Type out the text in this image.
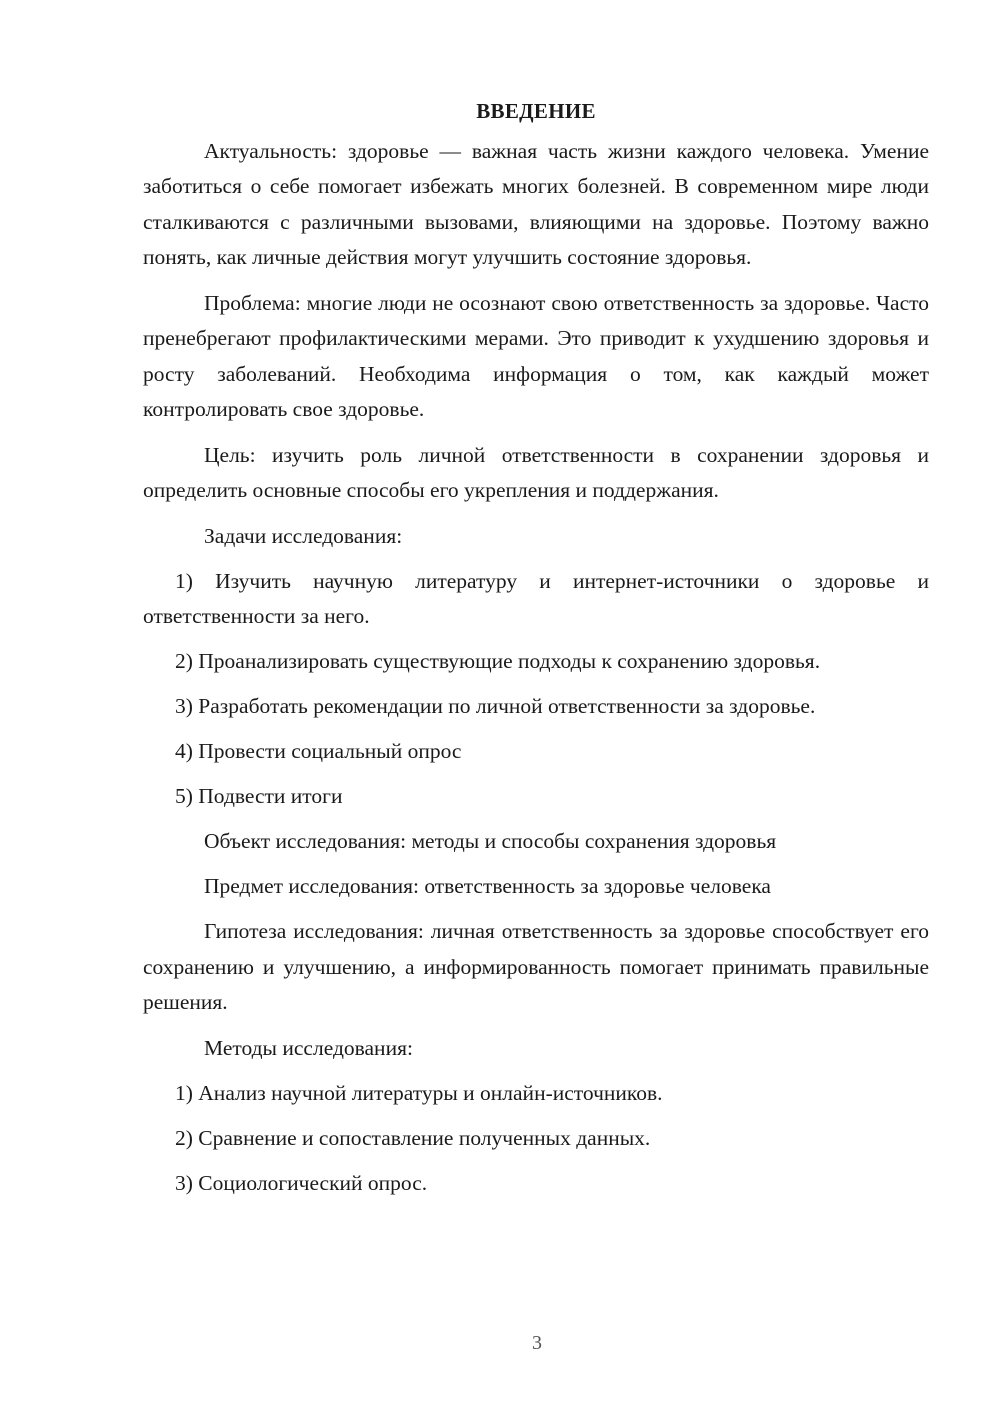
ВВЕДЕНИЕ

Актуальность: здоровье — важная часть жизни каждого человека. Умение заботиться о себе помогает избежать многих болезней. В современном мире люди сталкиваются с различными вызовами, влияющими на здоровье. Поэтому важно понять, как личные действия могут улучшить состояние здоровья.

Проблема: многие люди не осознают свою ответственность за здоровье. Часто пренебрегают профилактическими мерами. Это приводит к ухудшению здоровья и росту заболеваний. Необходима информация о том, как каждый может контролировать свое здоровье.

Цель: изучить роль личной ответственности в сохранении здоровья и определить основные способы его укрепления и поддержания.

Задачи исследования:

1) Изучить научную литературу и интернет-источники о здоровье и ответственности за него.

2) Проанализировать существующие подходы к сохранению здоровья.

3) Разработать рекомендации по личной ответственности за здоровье.

4) Провести социальный опрос

5) Подвести итоги

Объект исследования: методы и способы сохранения здоровья

Предмет исследования: ответственность за здоровье человека

Гипотеза исследования: личная ответственность за здоровье способствует его сохранению и улучшению, а информированность помогает принимать правильные решения.

Методы исследования:

1) Анализ научной литературы и онлайн-источников.

2) Сравнение и сопоставление полученных данных.

3) Социологический опрос.

3
